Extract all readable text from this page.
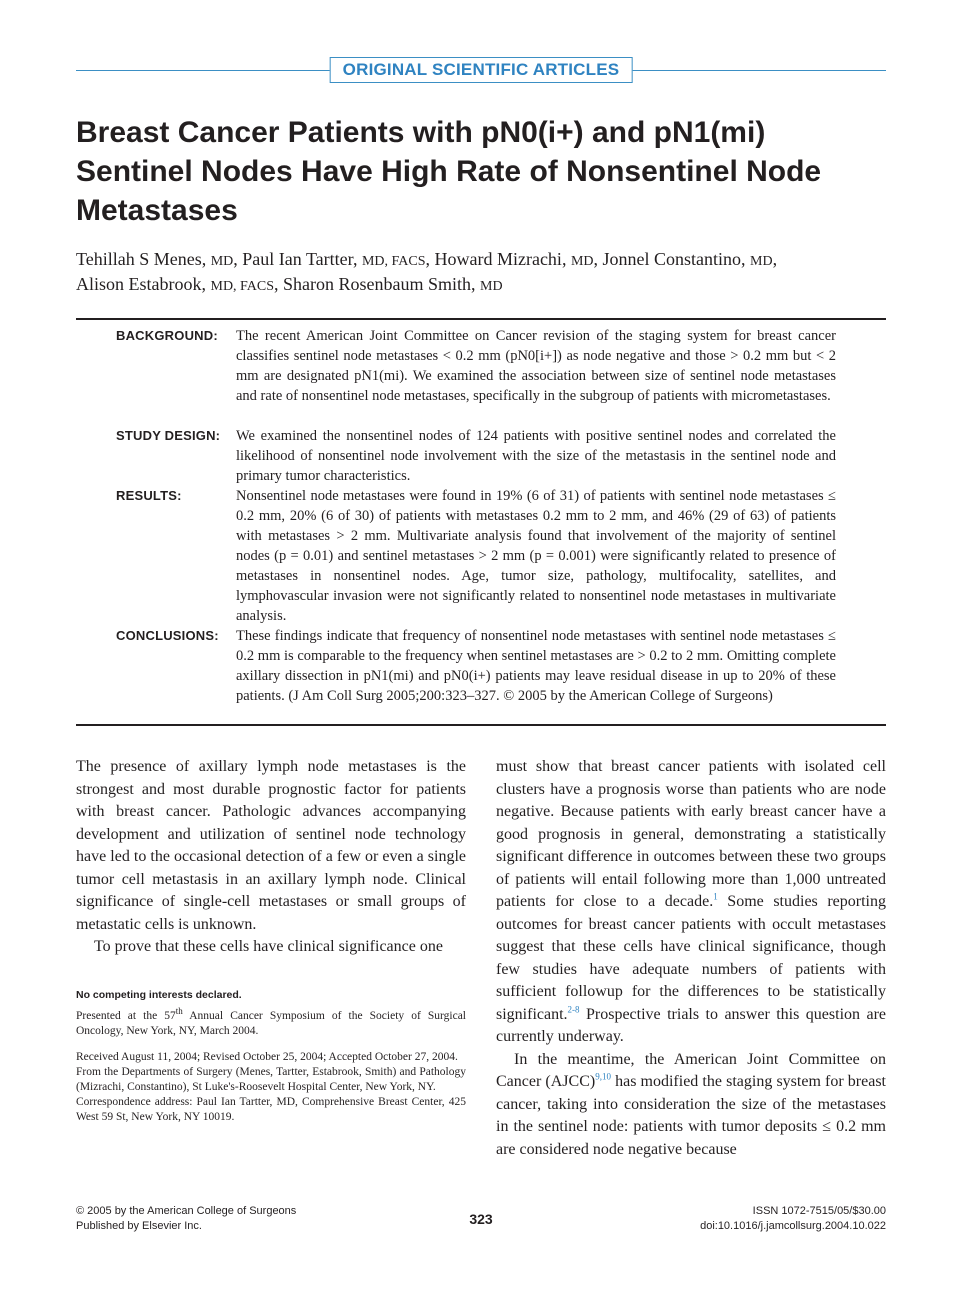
ORIGINAL SCIENTIFIC ARTICLES
Breast Cancer Patients with pN0(i+) and pN1(mi) Sentinel Nodes Have High Rate of Nonsentinel Node Metastases
Tehillah S Menes, MD, Paul Ian Tartter, MD, FACS, Howard Mizrachi, MD, Jonnel Constantino, MD,
Alison Estabrook, MD, FACS, Sharon Rosenbaum Smith, MD
BACKGROUND: The recent American Joint Committee on Cancer revision of the staging system for breast cancer classifies sentinel node metastases < 0.2 mm (pN0[i+]) as node negative and those > 0.2 mm but < 2 mm are designated pN1(mi). We examined the association between size of sentinel node metastases and rate of nonsentinel node metastases, specifically in the subgroup of patients with micrometastases.
STUDY DESIGN: We examined the nonsentinel nodes of 124 patients with positive sentinel nodes and correlated the likelihood of nonsentinel node involvement with the size of the metastasis in the sentinel node and primary tumor characteristics.
RESULTS:	Nonsentinel node metastases were found in 19% (6 of 31) of patients with sentinel node metastases ≤ 0.2 mm, 20% (6 of 30) of patients with metastases 0.2 mm to 2 mm, and 46% (29 of 63) of patients with metastases > 2 mm. Multivariate analysis found that involvement of the majority of sentinel nodes (p = 0.01) and sentinel metastases > 2 mm (p = 0.001) were significantly related to presence of metastases in nonsentinel nodes. Age, tumor size, pathology, multifocality, satellites, and lymphovascular invasion were not significantly related to nonsentinel node metastases in multivariate analysis.
CONCLUSIONS: These findings indicate that frequency of nonsentinel node metastases with sentinel node metastases ≤ 0.2 mm is comparable to the frequency when sentinel metastases are > 0.2 to 2 mm. Omitting complete axillary dissection in pN1(mi) and pN0(i+) patients may leave residual disease in up to 20% of these patients. (J Am Coll Surg 2005;200:323–327. © 2005 by the American College of Surgeons)

The presence of axillary lymph node metastases is the strongest and most durable prognostic factor for patients with breast cancer. Pathologic advances accompanying development and utilization of sentinel node technology have led to the occasional detection of a few or even a single tumor cell metastasis in an axillary lymph node. Clinical significance of single-cell metastases or small groups of metastatic cells is unknown.

To prove that these cells have clinical significance one

No competing interests declared.

Presented at the 57th Annual Cancer Symposium of the Society of Surgical Oncology, New York, NY, March 2004.

Received August 11, 2004; Revised October 25, 2004; Accepted October 27, 2004.

From the Departments of Surgery (Menes, Tartter, Estabrook, Smith) and Pathology (Mizrachi, Constantino), St Luke's-Roosevelt Hospital Center, New York, NY.

Correspondence address: Paul Ian Tartter, MD, Comprehensive Breast Center, 425 West 59 St, New York, NY 10019.

must show that breast cancer patients with isolated cell clusters have a prognosis worse than patients who are node negative. Because patients with early breast cancer have a good prognosis in general, demonstrating a statistically significant difference in outcomes between these two groups of patients will entail following more than 1,000 untreated patients for close to a decade.$^1$ Some studies reporting outcomes for breast cancer patients with occult metastases suggest that these cells have clinical significance, though few studies have adequate numbers of patients with sufficient followup for the differences to be statistically significant.$^{2-8}$ Prospective trials to answer this question are currently underway.

In the meantime, the American Joint Committee on Cancer (AJCC)$^{9,10}$ has modified the staging system for breast cancer, taking into consideration the size of the metastases in the sentinel node: patients with tumor deposits ≤ 0.2 mm are considered node negative because

© 2005 by the American College of Surgeons
Published by Elsevier Inc.	323	ISSN 1072-7515/05/$30.00
doi:10.1016/j.jamcollsurg.2004.10.022
